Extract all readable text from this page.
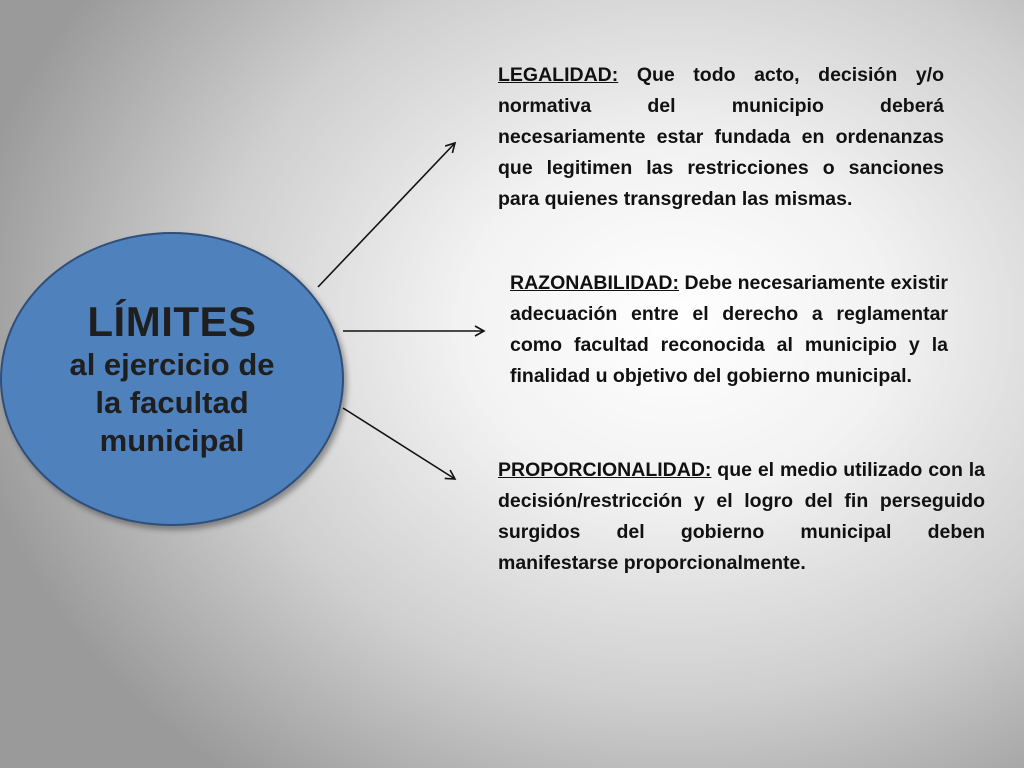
LÍMITES
al ejercicio de
la facultad
municipal
LEGALIDAD: Que todo acto, decisión y/o normativa del municipio deberá necesariamente estar fundada en ordenanzas que legitimen las restricciones o sanciones para quienes transgredan las mismas.
RAZONABILIDAD: Debe necesariamente existir adecuación entre el derecho a reglamentar como facultad reconocida al municipio y la finalidad u objetivo del gobierno municipal.
PROPORCIONALIDAD: que el medio utilizado con la decisión/restricción y el logro del fin perseguido surgidos del gobierno municipal deben manifestarse proporcionalmente.
